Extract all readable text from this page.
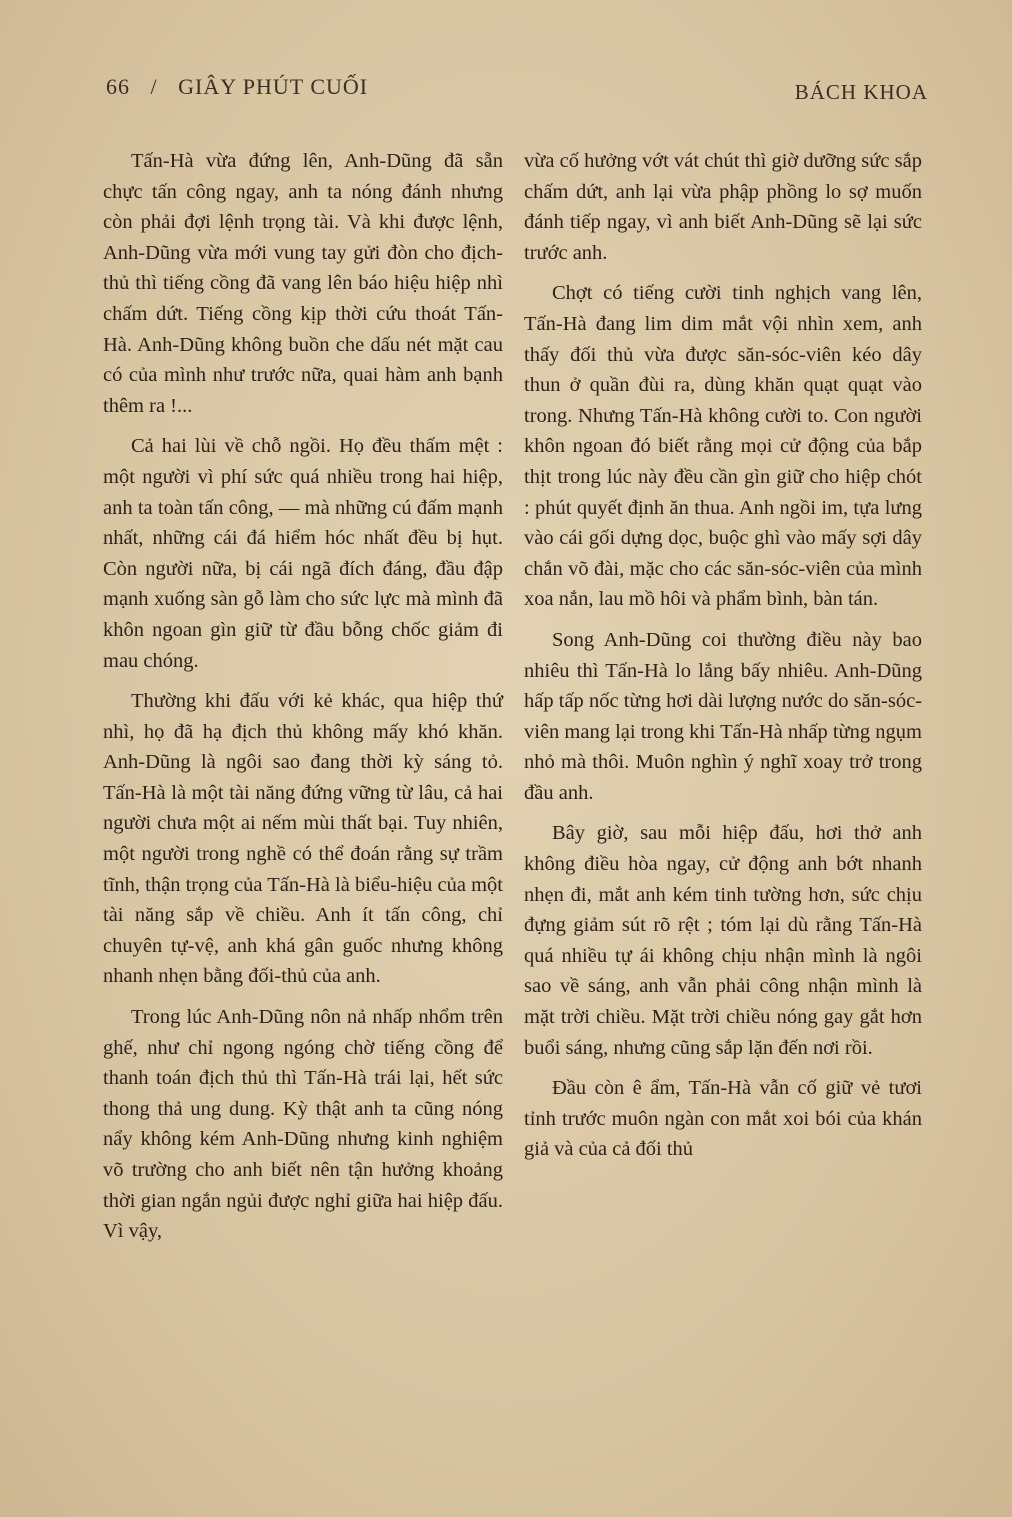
66 / GIÂY PHÚT CUỐI	BÁCH KHOA

Tấn-Hà vừa đứng lên, Anh-Dũng đã sẵn chực tấn công ngay, anh ta nóng đánh nhưng còn phải đợi lệnh trọng tài. Và khi được lệnh, Anh-Dũng vừa mới vung tay gửi đòn cho địch-thủ thì tiếng cồng đã vang lên báo hiệu hiệp nhì chấm dứt. Tiếng cồng kịp thời cứu thoát Tấn-Hà. Anh-Dũng không buồn che dấu nét mặt cau có của mình như trước nữa, quai hàm anh bạnh thêm ra !...

Cả hai lùi về chỗ ngồi. Họ đều thấm mệt : một người vì phí sức quá nhiều trong hai hiệp, anh ta toàn tấn công, — mà những cú đấm mạnh nhất, những cái đá hiểm hóc nhất đều bị hụt. Còn người nữa, bị cái ngã đích đáng, đầu đập mạnh xuống sàn gỗ làm cho sức lực mà mình đã khôn ngoan gìn giữ từ đầu bỗng chốc giảm đi mau chóng.

Thường khi đấu với kẻ khác, qua hiệp thứ nhì, họ đã hạ địch thủ không mấy khó khăn. Anh-Dũng là ngôi sao đang thời kỳ sáng tỏ. Tấn-Hà là một tài năng đứng vững từ lâu, cả hai người chưa một ai nếm mùi thất bại. Tuy nhiên, một người trong nghề có thể đoán rằng sự trầm tĩnh, thận trọng của Tấn-Hà là biểu-hiệu của một tài năng sắp về chiều. Anh ít tấn công, chỉ chuyên tự-vệ, anh khá gân guốc nhưng không nhanh nhẹn bằng đối-thủ của anh.

Trong lúc Anh-Dũng nôn nả nhấp nhổm trên ghế, như chỉ ngong ngóng chờ tiếng cồng để thanh toán địch thủ thì Tấn-Hà trái lại, hết sức thong thả ung dung. Kỳ thật anh ta cũng nóng nẩy không kém Anh-Dũng nhưng kinh nghiệm võ trường cho anh biết nên tận hưởng khoảng thời gian ngắn ngủi được nghỉ giữa hai hiệp đấu. Vì vậy,

vừa cố hưởng vớt vát chút thì giờ dưỡng sức sắp chấm dứt, anh lại vừa phập phồng lo sợ muốn đánh tiếp ngay, vì anh biết Anh-Dũng sẽ lại sức trước anh.

Chợt có tiếng cười tinh nghịch vang lên, Tấn-Hà đang lim dim mắt vội nhìn xem, anh thấy đối thủ vừa được săn-sóc-viên kéo dây thun ở quần đùi ra, dùng khăn quạt quạt vào trong. Nhưng Tấn-Hà không cười to. Con người khôn ngoan đó biết rằng mọi cử động của bắp thịt trong lúc này đều cần gìn giữ cho hiệp chót : phút quyết định ăn thua. Anh ngồi im, tựa lưng vào cái gối dựng dọc, buộc ghì vào mấy sợi dây chắn võ đài, mặc cho các săn-sóc-viên của mình xoa nắn, lau mồ hôi và phẩm bình, bàn tán.

Song Anh-Dũng coi thường điều này bao nhiêu thì Tấn-Hà lo lắng bấy nhiêu. Anh-Dũng hấp tấp nốc từng hơi dài lượng nước do săn-sóc-viên mang lại trong khi Tấn-Hà nhấp từng ngụm nhỏ mà thôi. Muôn nghìn ý nghĩ xoay trở trong đầu anh.

Bây giờ, sau mỗi hiệp đấu, hơi thở anh không điều hòa ngay, cử động anh bớt nhanh nhẹn đi, mắt anh kém tinh tường hơn, sức chịu đựng giảm sút rõ rệt ; tóm lại dù rằng Tấn-Hà quá nhiều tự ái không chịu nhận mình là ngôi sao về sáng, anh vẫn phải công nhận mình là mặt trời chiều. Mặt trời chiều nóng gay gắt hơn buổi sáng, nhưng cũng sắp lặn đến nơi rồi.

Đầu còn ê ẩm, Tấn-Hà vẫn cố giữ vẻ tươi tỉnh trước muôn ngàn con mắt xoi bói của khán giả và của cả đối thủ
